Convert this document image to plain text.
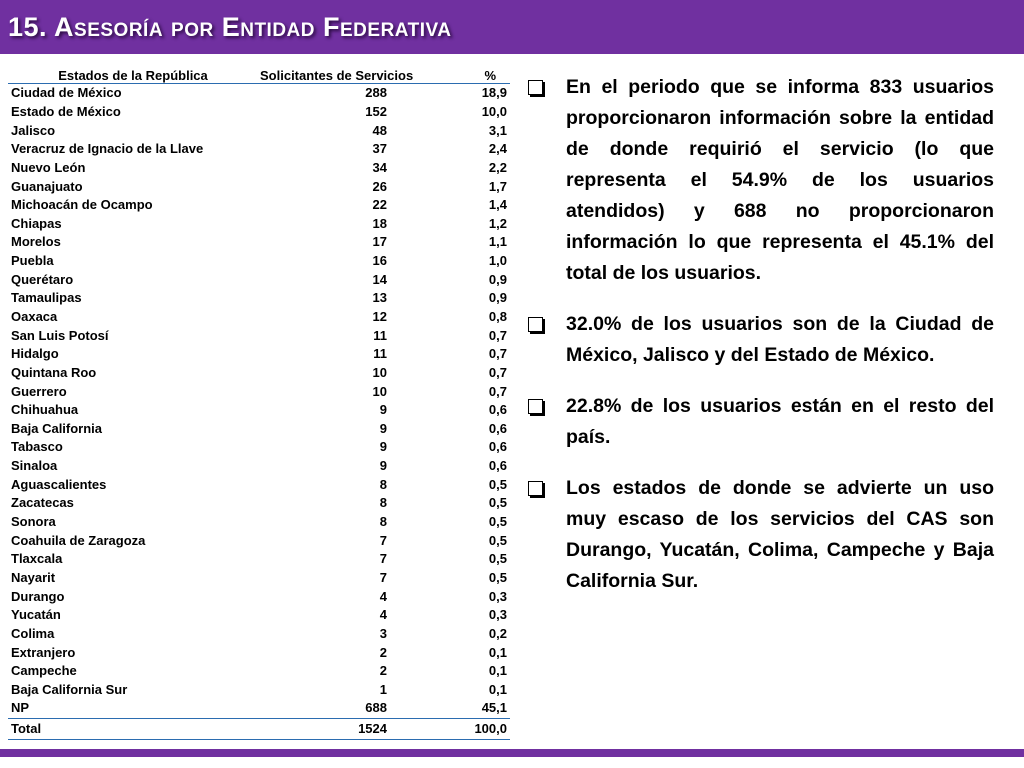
15. Asesoría por Entidad Federativa
Estados de la República	Solicitantes de Servicios	%
Ciudad de México	288	18,9
Estado de México	152	10,0
Jalisco	48	3,1
Veracruz de Ignacio de la Llave	37	2,4
Nuevo León	34	2,2
Guanajuato	26	1,7
Michoacán de Ocampo	22	1,4
Chiapas	18	1,2
Morelos	17	1,1
Puebla	16	1,0
Querétaro	14	0,9
Tamaulipas	13	0,9
Oaxaca	12	0,8
San Luis Potosí	11	0,7
Hidalgo	11	0,7
Quintana Roo	10	0,7
Guerrero	10	0,7
Chihuahua	9	0,6
Baja California	9	0,6
Tabasco	9	0,6
Sinaloa	9	0,6
Aguascalientes	8	0,5
Zacatecas	8	0,5
Sonora	8	0,5
Coahuila de Zaragoza	7	0,5
Tlaxcala	7	0,5
Nayarit	7	0,5
Durango	4	0,3
Yucatán	4	0,3
Colima	3	0,2
Extranjero	2	0,1
Campeche	2	0,1
Baja California Sur	1	0,1
NP	688	45,1
Total	1524	100,0
En el periodo que se informa 833 usuarios proporcionaron información sobre la entidad de donde requirió el servicio (lo que representa el 54.9% de los usuarios atendidos) y 688 no proporcionaron información lo que representa el 45.1% del total de los usuarios.
32.0% de los usuarios son de la Ciudad de México, Jalisco y del Estado de México.
22.8% de los usuarios están en el resto del país.
Los estados de donde se advierte un uso muy escaso de los servicios del CAS son Durango, Yucatán, Colima, Campeche y Baja California Sur.
